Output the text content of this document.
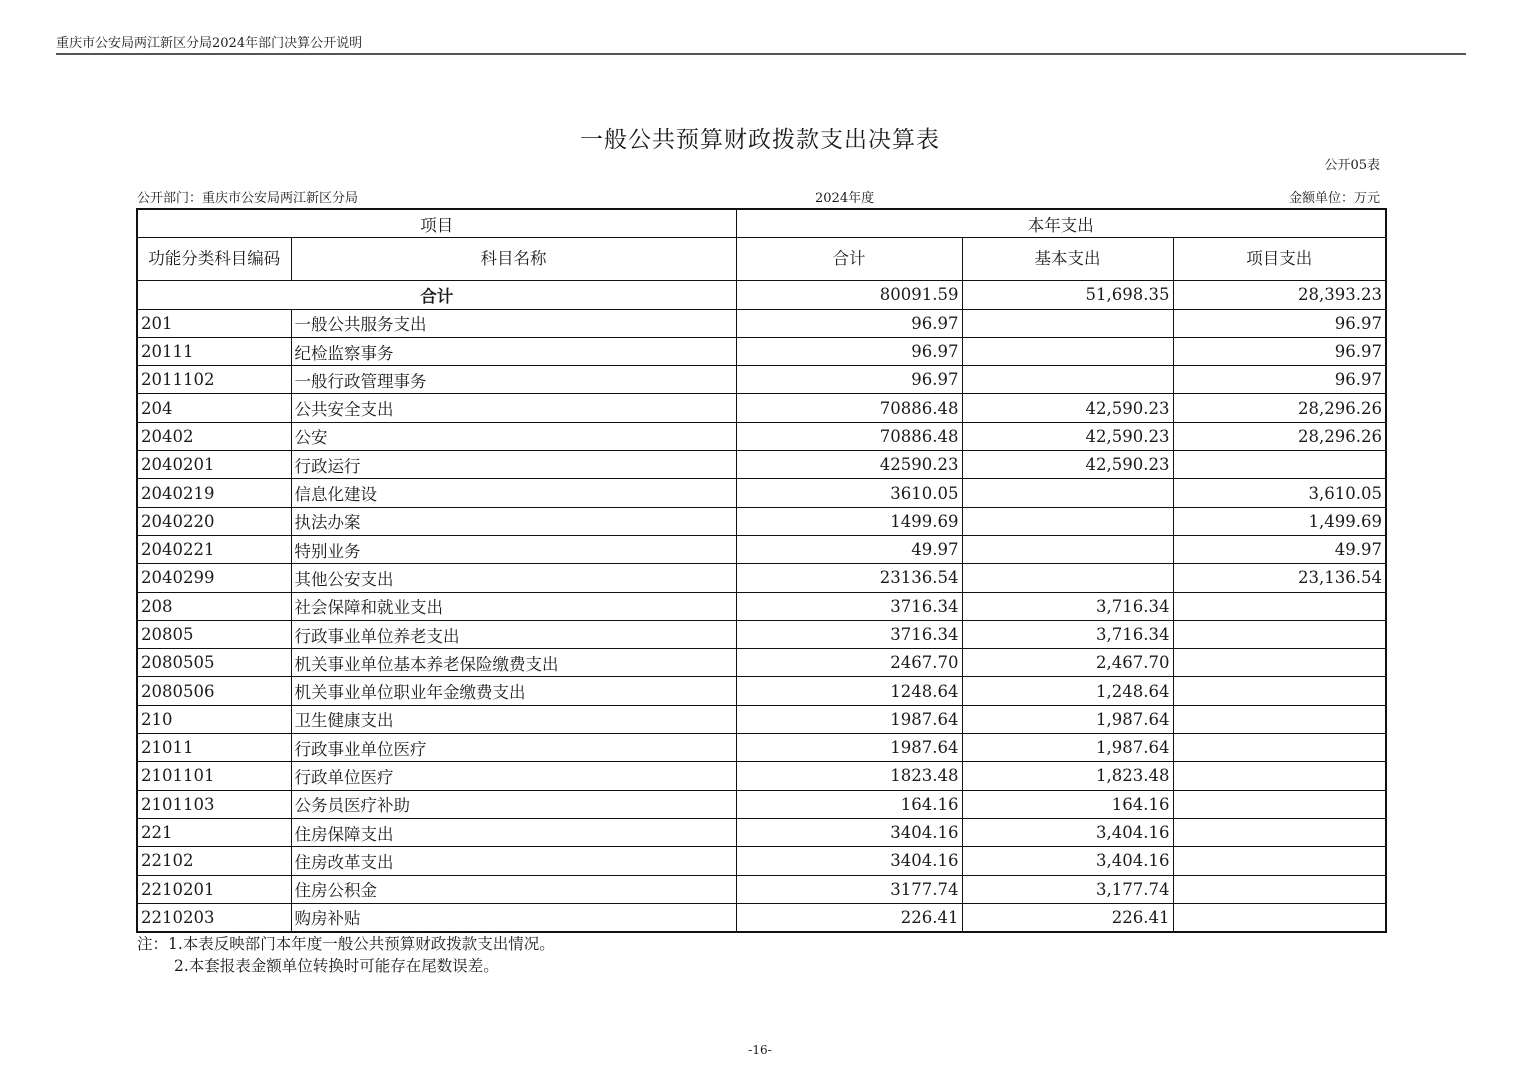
重庆市公安局两江新区分局2024年部门决算公开说明
一般公共预算财政拨款支出决算表
公开05表
公开部门：重庆市公安局两江新区分局	2024年度	金额单位：万元
项目		本年支出		
功能分类科目编码	科目名称	合计	基本支出	项目支出
合计		80091.59	51,698.35	28,393.23
201	一般公共服务支出	96.97		96.97
20111	纪检监察事务	96.97		96.97
2011102	一般行政管理事务	96.97		96.97
204	公共安全支出	70886.48	42,590.23	28,296.26
20402	公安	70886.48	42,590.23	28,296.26
2040201	行政运行	42590.23	42,590.23	
2040219	信息化建设	3610.05		3,610.05
2040220	执法办案	1499.69		1,499.69
2040221	特别业务	49.97		49.97
2040299	其他公安支出	23136.54		23,136.54
208	社会保障和就业支出	3716.34	3,716.34	
20805	行政事业单位养老支出	3716.34	3,716.34	
2080505	机关事业单位基本养老保险缴费支出	2467.70	2,467.70	
2080506	机关事业单位职业年金缴费支出	1248.64	1,248.64	
210	卫生健康支出	1987.64	1,987.64	
21011	行政事业单位医疗	1987.64	1,987.64	
2101101	行政单位医疗	1823.48	1,823.48	
2101103	公务员医疗补助	164.16	164.16	
221	住房保障支出	3404.16	3,404.16	
22102	住房改革支出	3404.16	3,404.16	
2210201	住房公积金	3177.74	3,177.74	
2210203	购房补贴	226.41	226.41	
注：1.本表反映部门本年度一般公共预算财政拨款支出情况。
2.本套报表金额单位转换时可能存在尾数误差。
-16-
